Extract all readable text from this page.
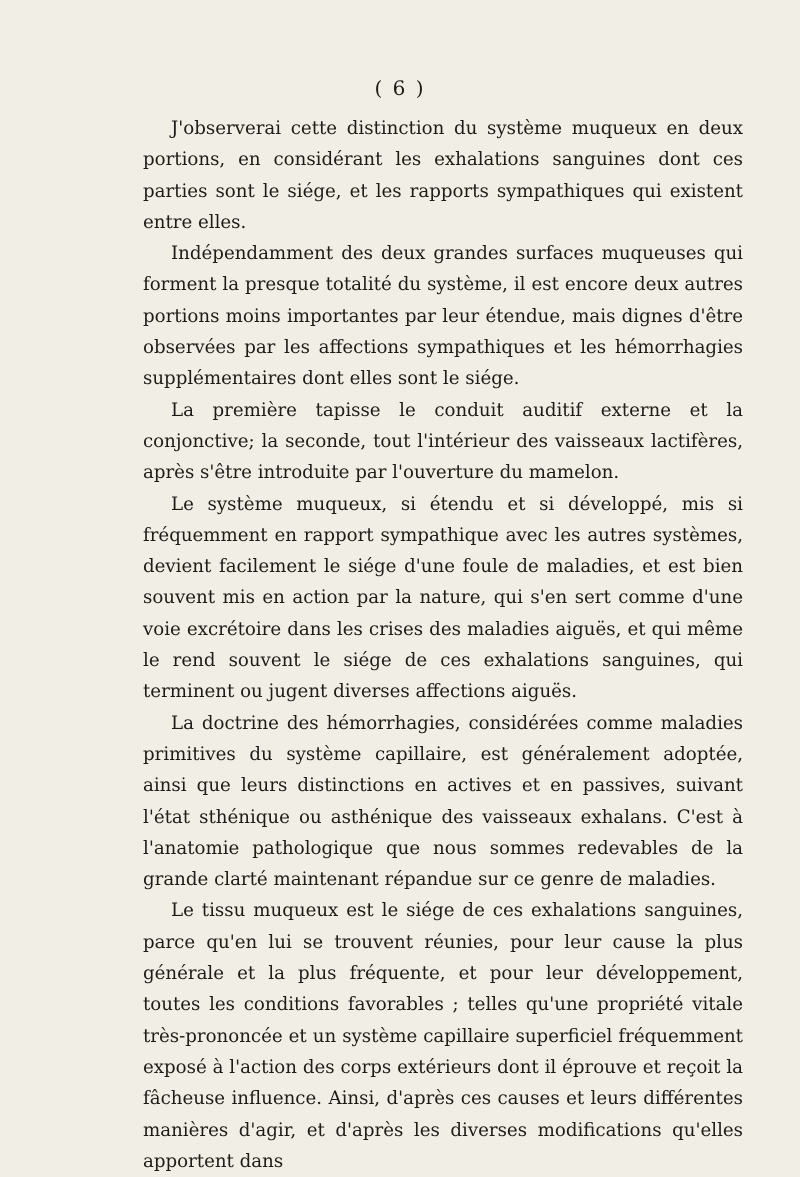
( 6 )

J'observerai cette distinction du système muqueux en deux portions, en considérant les exhalations sanguines dont ces parties sont le siége, et les rapports sympathiques qui existent entre elles.

Indépendamment des deux grandes surfaces muqueuses qui forment la presque totalité du système, il est encore deux autres portions moins importantes par leur étendue, mais dignes d'être observées par les affections sympathiques et les hémorrhagies supplémentaires dont elles sont le siége.

La première tapisse le conduit auditif externe et la conjonctive; la seconde, tout l'intérieur des vaisseaux lactifères, après s'être introduite par l'ouverture du mamelon.

Le système muqueux, si étendu et si développé, mis si fréquemment en rapport sympathique avec les autres systèmes, devient facilement le siége d'une foule de maladies, et est bien souvent mis en action par la nature, qui s'en sert comme d'une voie excrétoire dans les crises des maladies aiguës, et qui même le rend souvent le siége de ces exhalations sanguines, qui terminent ou jugent diverses affections aiguës.

La doctrine des hémorrhagies, considérées comme maladies primitives du système capillaire, est généralement adoptée, ainsi que leurs distinctions en actives et en passives, suivant l'état sthénique ou asthénique des vaisseaux exhalans. C'est à l'anatomie pathologique que nous sommes redevables de la grande clarté maintenant répandue sur ce genre de maladies.

Le tissu muqueux est le siége de ces exhalations sanguines, parce qu'en lui se trouvent réunies, pour leur cause la plus générale et la plus fréquente, et pour leur développement, toutes les conditions favorables ; telles qu'une propriété vitale très-prononcée et un système capillaire superficiel fréquemment exposé à l'action des corps extérieurs dont il éprouve et reçoit la fâcheuse influence. Ainsi, d'après ces causes et leurs différentes manières d'agir, et d'après les diverses modifications qu'elles apportent dans
